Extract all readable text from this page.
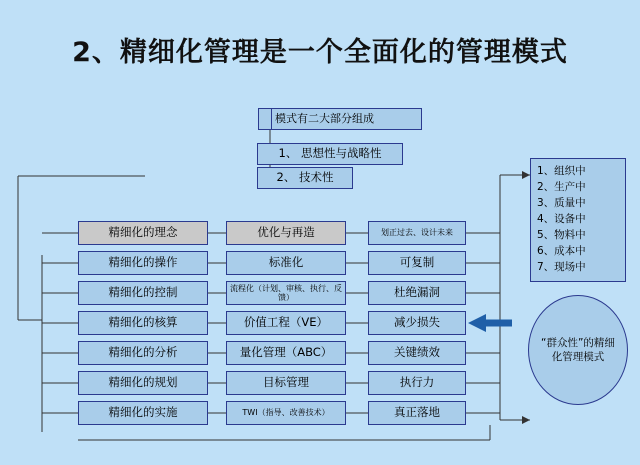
2、精细化管理是一个全面化的管理模式
模式有二大部分组成
1、 思想性与战略性
2、 技术性	1、组织中
2、生产中
3、质量中
4、设备中
5、物料中
6、成本中
7、现场中
“群众性”的精细化管理模式
精细化的理念	优化与再造	划正过去、设计未来
精细化的操作	标准化	可复制
精细化的控制	流程化（计划、审核、执行、反馈）	杜绝漏洞
精细化的核算	价值工程（VE）	减少损失
精细化的分析	量化管理（ABC）	关键绩效
精细化的规划	目标管理	执行力
精细化的实施	TWI（指导、改善技术）	真正落地
